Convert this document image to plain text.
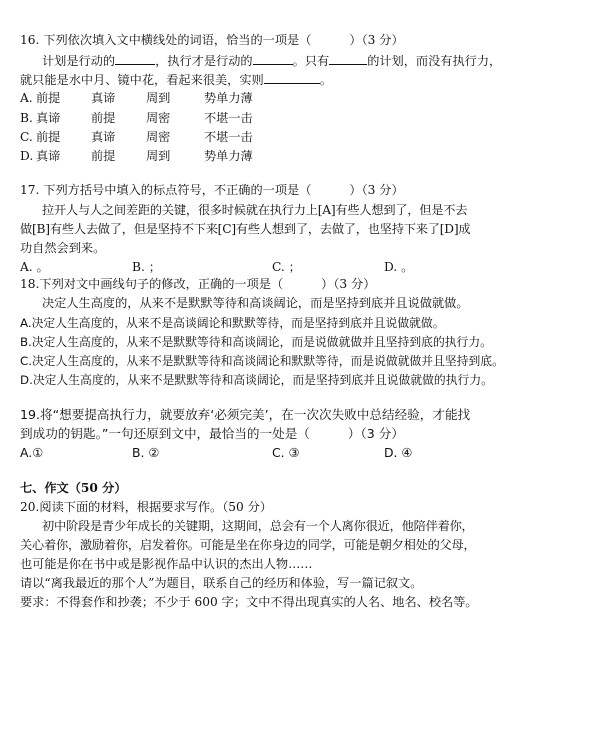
16. 下列依次填入文中横线处的词语，恰当的一项是（	）（3 分）
计划是行动的	，执行才是行动的	。只有	的计划，而没有执行力，
就只能是水中月、镜中花，看起来很美，实则	。
A. 前提	真谛	周到	势单力薄
B. 真谛	前提	周密	不堪一击
C. 前提	真谛	周密	不堪一击
D. 真谛	前提	周到	势单力薄
17. 下列方括号中填入的标点符号，不正确的一项是（	）（3 分）
拉开人与人之间差距的关键，很多时候就在执行力上[A]有些人想到了，但是不去
做[B]有些人去做了，但是坚持不下来[C]有些人想到了，去做了，也坚持下来了[D]成
功自然会到来。
A. 。	B. ；	C. ；	D. 。
18.下列对文中画线句子的修改，正确的一项是（	）（3 分）
决定人生高度的，从来不是默默等待和高谈阔论，而是坚持到底并且说做就做。
A.决定人生高度的，从来不是高谈阔论和默默等待，而是坚持到底并且说做就做。
B.决定人生高度的，从来不是默默等待和高谈阔论，而是说做就做并且坚持到底的执行力。
C.决定人生高度的，从来不是默默等待和高谈阔论和默默等待，而是说做就做并且坚持到底。
D.决定人生高度的，从来不是默默等待和高谈阔论，而是坚持到底并且说做就做的执行力。
19.将“想要提高执行力，就要放弃‘必须完美’，在一次次失败中总结经验，才能找
到成功的钥匙。”一句还原到文中，最恰当的一处是（	）（3 分）
A.①	B. ②	C. ③	D. ④
七、作文（50 分）
20.阅读下面的材料，根据要求写作。（50 分）
初中阶段是青少年成长的关键期，这期间，总会有一个人离你很近，他陪伴着你，
关心着你，激励着你，启发着你。可能是坐在你身边的同学，可能是朝夕相处的父母，
也可能是你在书中或是影视作品中认识的杰出人物……
请以“离我最近的那个人”为题目，联系自己的经历和体验，写一篇记叙文。
要求：不得套作和抄袭；不少于 600 字；文中不得出现真实的人名、地名、校名等。
